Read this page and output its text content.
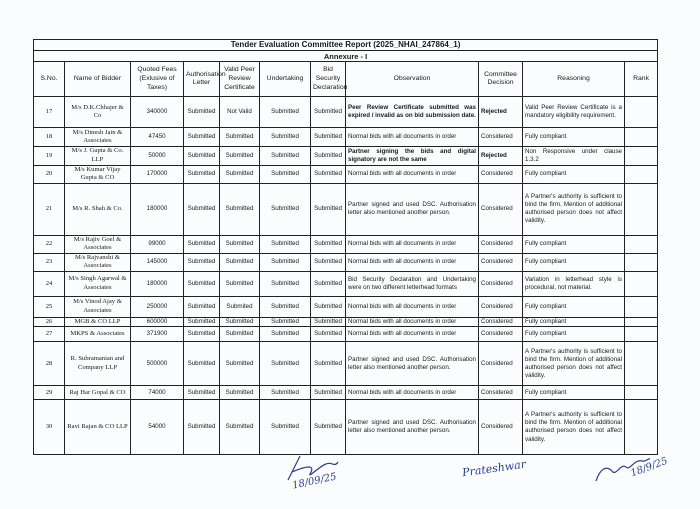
Tender Evaluation Committee Report (2025_NHAI_247864_1)										
Annexure - I										
S.No.	Name of Bidder	Quoted Fees (Exlusive of Taxes)	Authorisation Letter	Valid Peer Review Certificate	Undertaking	Bid Security Declaration	Observation	Committee Decision	Reasoning	Rank
17	M/s D.K.Chhajer & Co	340000	Submitted	Not Valid	Submitted	Submitted	Peer Review Certificate submitted was expired / invalid as on bid submission date.	Rejected	Valid Peer Review Certificate is a mandatory eligibility requirement.	
18	M/s Dinesh Jain & Associates	47450	Submitted	Submitted	Submitted	Submitted	Normal bids with all documents in order	Considered	Fully compliant	
19	M/s J. Gupta & Co. LLP	50000	Submitted	Submitted	Submitted	Submitted	Partner signing the bids and digital signatory are not the same	Rejected	Non Responsive under clause 1.3.2	
20	M/s Kumar Vijay Gupta & CO	170000	Submitted	Submitted	Submitted	Submitted	Normal bids with all documents in order	Considered	Fully compliant	
21	M/s R. Shah & Co.	180000	Submitted	Submitted	Submitted	Submitted	Partner signed and used DSC. Authorisation letter also mentioned another person.	Considered	A Partner's authority is sufficient to bind the firm. Mention of additional authorised person does not affect validity.	
22	M/s Rajiv Goel & Associates	99000	Submitted	Submitted	Submitted	Submitted	Normal bids with all documents in order	Considered	Fully compliant	
23	M/s Rajvanshi & Associates	145000	Submitted	Submitted	Submitted	Submitted	Normal bids with all documents in order	Considered	Fully compliant	
24	M/s Singh Agarwal & Associates	180000	Submitted	Submitted	Submitted	Submitted	Bid Security Declaration and Undertaking were on two different letterhead formats	Considered	Variation in letterhead style is procedural, not material.	
25	M/s Vinod Ajay & Associates	250000	Submitted	Submited	Submitted	Submitted	Normal bids with all documents in order	Considered	Fully compliant	
26	MGB & CO LLP	600000	Submitted	Submitted	Submitted	Submitted	Normal bids with all documents in order	Considered	Fully compliant	
27	MKPS & Associates	371900	Submitted	Submitted	Submitted	Submitted	Normal bids with all documents in order	Considered	Fully compliant	
28	R. Subramanian and Company LLP	500000	Submitted	Submitted	Submitted	Submitted	Partner signed and used DSC. Authorisation letter also mentioned another person.	Considered	A Partner's authority is sufficient to bind the firm. Mention of additional authorised person does not affect validity.	
29	Raj Har Gopal & CO	74000	Submitted	Submitted	Submitted	Submitted	Normal bids with all documents in order	Considered	Fully compliant	
30	Ravi Rajan & CO LLP	54000	Submitted	Submitted	Submitted	Submitted	Partner signed and used DSC. Authorisation letter also mentioned another person.	Considered	A Partner's authority is sufficient to bind the firm. Mention of additional authorised person does not affect validity.	
18/09/25
Prateshwar	18/9/25
